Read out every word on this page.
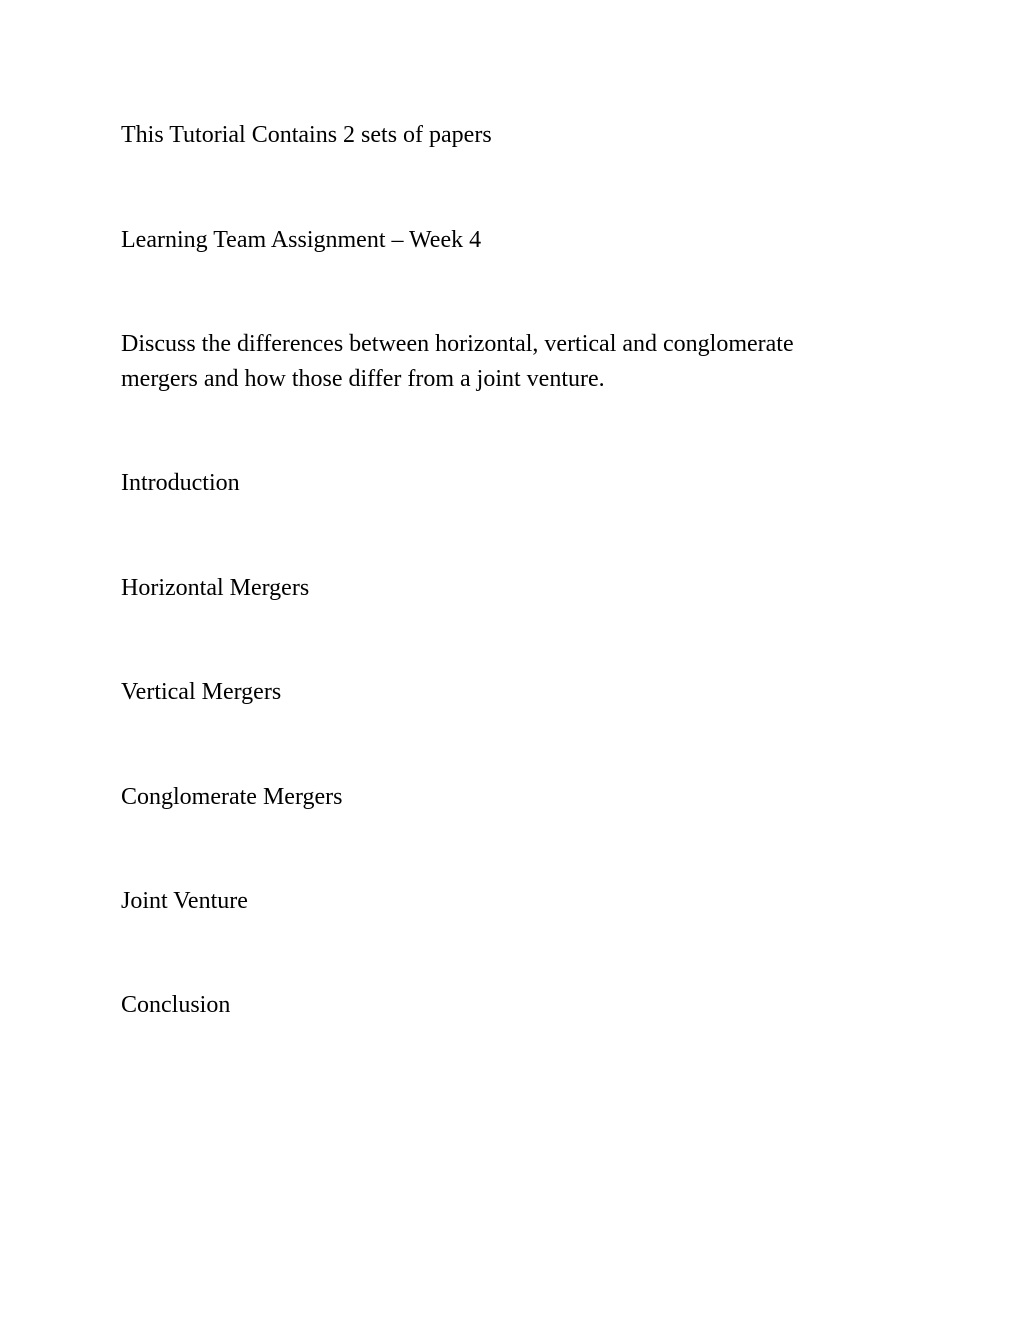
This Tutorial Contains 2 sets of papers

Learning Team Assignment – Week 4

Discuss the differences between horizontal, vertical and conglomerate
mergers and how those differ from a joint venture.

Introduction
Horizontal Mergers
Vertical Mergers
Conglomerate Mergers
Joint Venture
Conclusion
